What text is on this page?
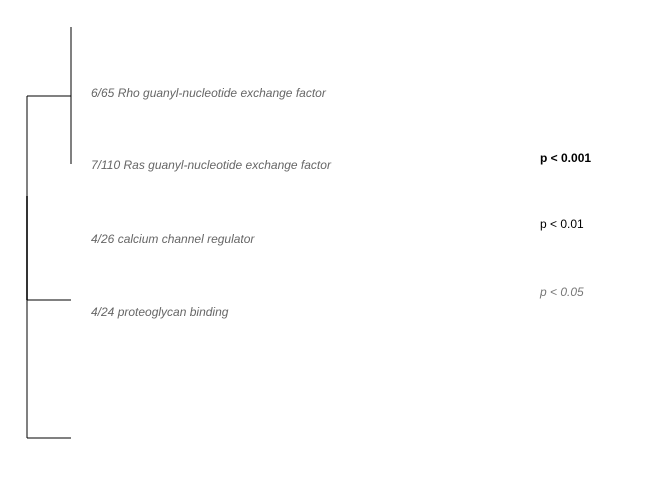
6/65 Rho guanyl-nucleotide exchange factor
7/110 Ras guanyl-nucleotide exchange factor
4/26 calcium channel regulator
4/24 proteoglycan binding
p < 0.001
p < 0.01
p < 0.05
